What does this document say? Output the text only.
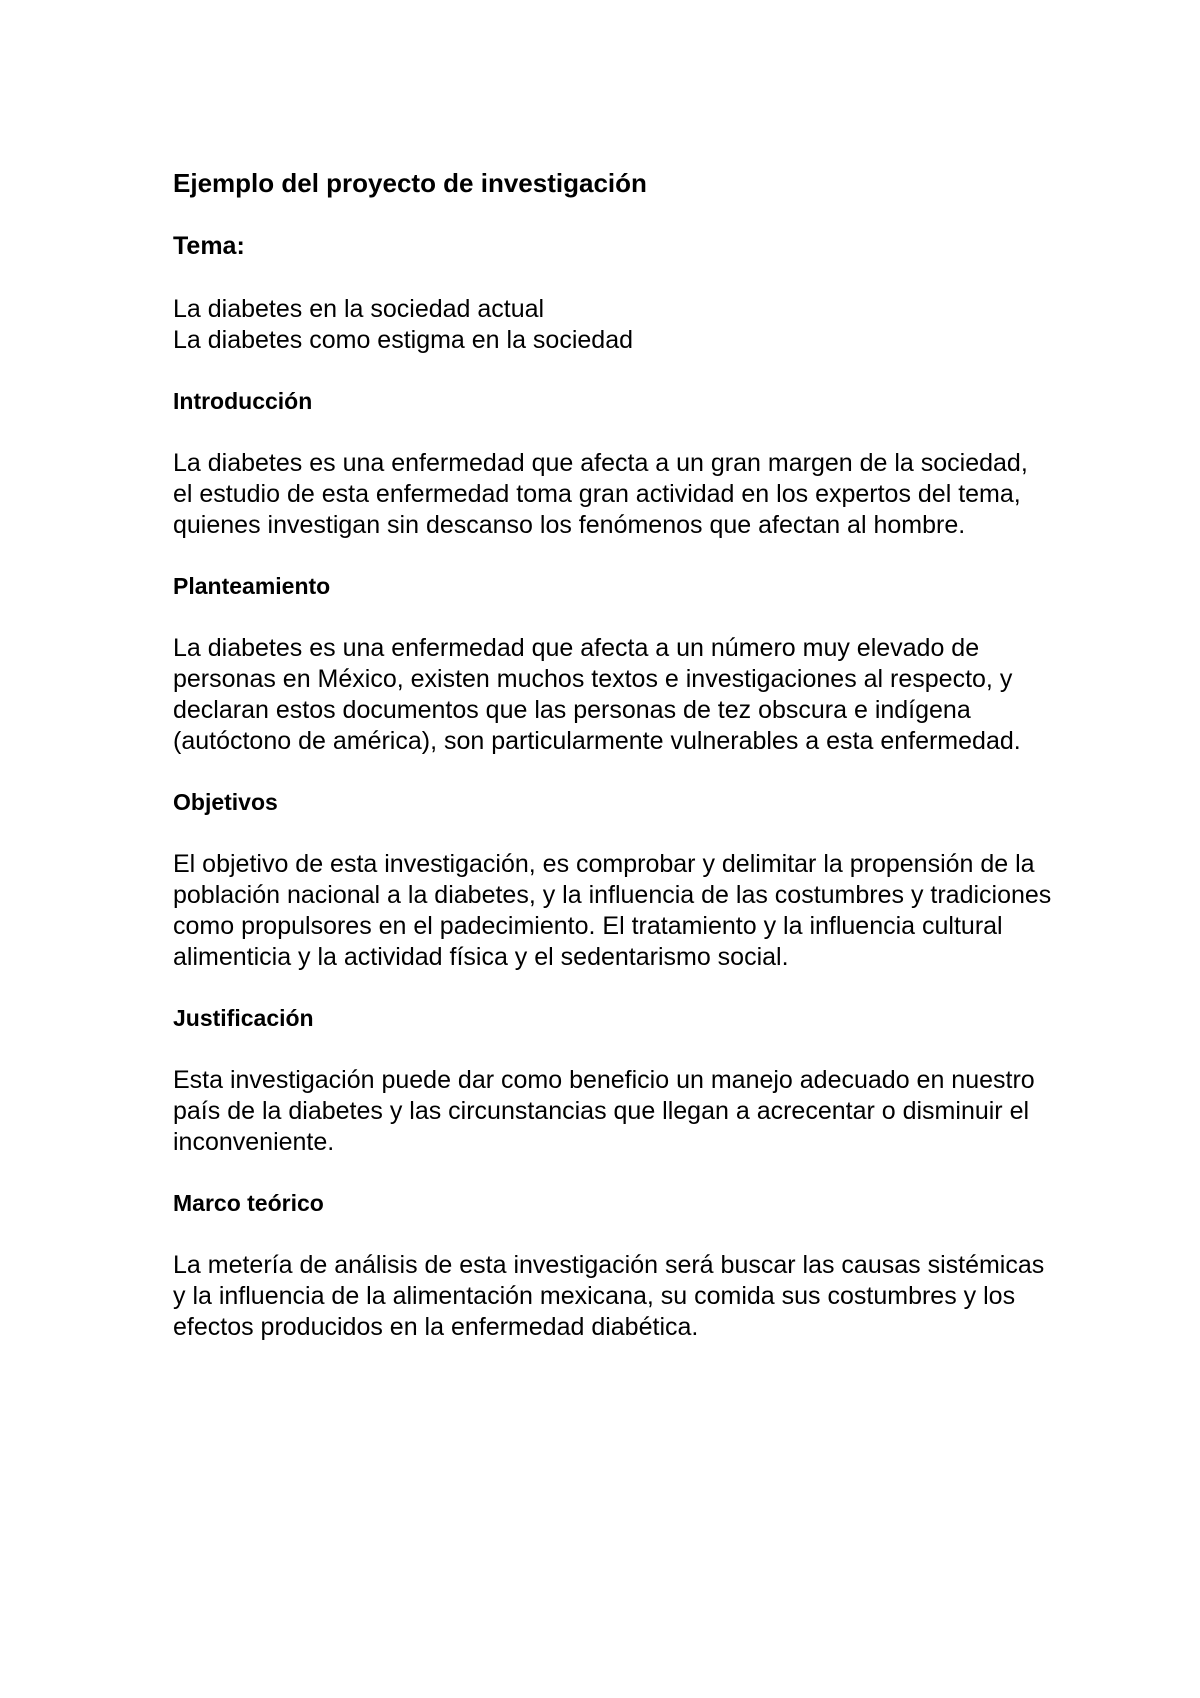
Ejemplo del proyecto de investigación
Tema:
La diabetes en la sociedad actual
La diabetes como estigma en la sociedad
Introducción

La diabetes es una enfermedad que afecta a un gran margen de la sociedad, el estudio de esta enfermedad toma gran actividad en los expertos del tema, quienes investigan sin descanso los fenómenos que afectan al hombre.

Planteamiento

La diabetes es una enfermedad que afecta a un número muy elevado de personas en México, existen muchos textos e investigaciones al respecto, y declaran estos documentos que las personas de tez obscura e indígena (autóctono de américa), son particularmente vulnerables a esta enfermedad.

Objetivos

El objetivo de esta investigación, es comprobar y delimitar la propensión de la población nacional a la diabetes, y la influencia de las costumbres y tradiciones como propulsores en el padecimiento. El tratamiento y la influencia cultural alimenticia y la actividad física y el sedentarismo social.

Justificación

Esta investigación puede dar como beneficio un manejo adecuado en nuestro país de la diabetes y las circunstancias que llegan a acrecentar o disminuir el inconveniente.

Marco teórico

La metería de análisis de esta investigación será buscar las causas sistémicas y la influencia de la alimentación mexicana, su comida sus costumbres y los efectos producidos en la enfermedad diabética.
